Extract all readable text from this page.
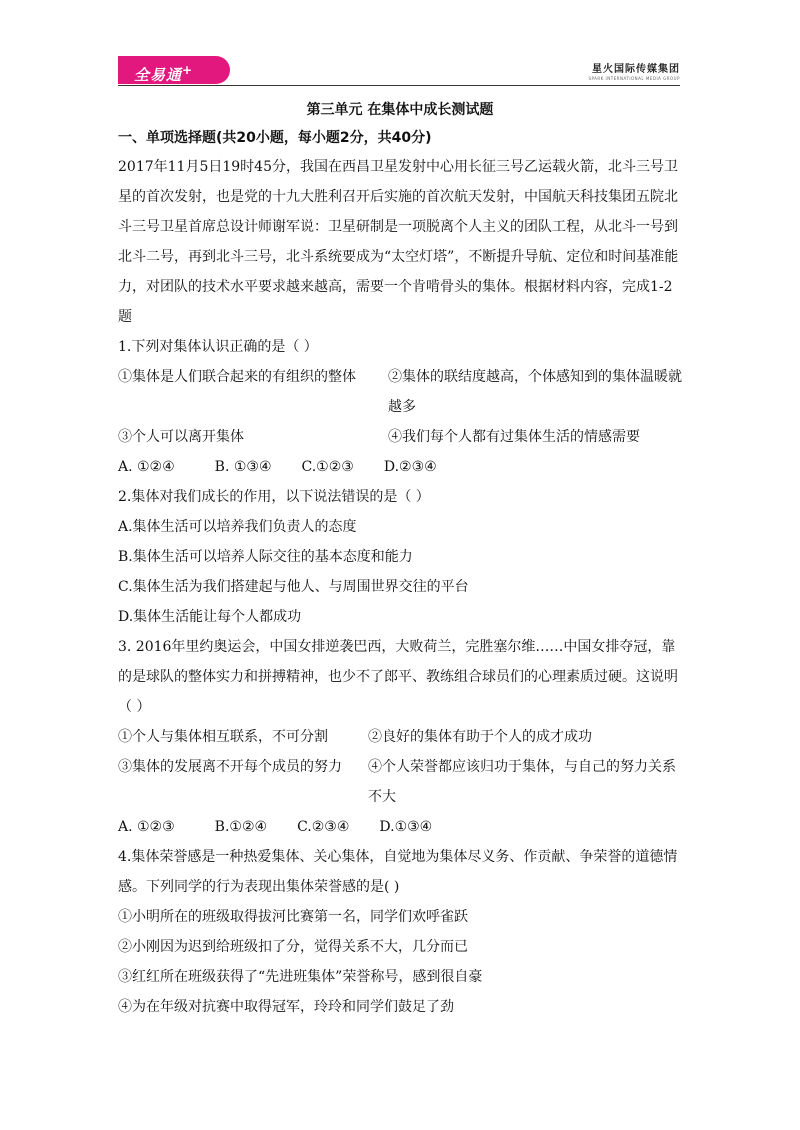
全易通+	星火国际传媒集团
SPARK INTERNATIONAL MEDIA GROUP
第三单元 在集体中成长测试题
一、单项选择题(共20小题，每小题2分，共40分)

2017年11月5日19时45分，我国在西昌卫星发射中心用长征三号乙运载火箭，北斗三号卫星的首次发射，也是党的十九大胜利召开后实施的首次航天发射，中国航天科技集团五院北斗三号卫星首席总设计师谢军说：卫星研制是一项脱离个人主义的团队工程，从北斗一号到北斗二号，再到北斗三号，北斗系统要成为“太空灯塔”，不断提升导航、定位和时间基准能力，对团队的技术水平要求越来越高，需要一个肯啃骨头的集体。根据材料内容，完成1-2题

1.下列对集体认识正确的是（ ）

①集体是人们联合起来的有组织的整体	②集体的联结度越高，个体感知到的集体温暖就越多
③个人可以离开集体	④我们每个人都有过集体生活的情感需要
A. ①②④	B. ①③④ C.①②③ D.②③④

2.集体对我们成长的作用，以下说法错误的是（ ）

A.集体生活可以培养我们负责人的态度

B.集体生活可以培养人际交往的基本态度和能力

C.集体生活为我们搭建起与他人、与周围世界交往的平台

D.集体生活能让每个人都成功

3. 2016年里约奥运会，中国女排逆袭巴西，大败荷兰，完胜塞尔维……中国女排夺冠，靠的是球队的整体实力和拼搏精神，也少不了郎平、教练组合球员们的心理素质过硬。这说明（ ）

①个人与集体相互联系，不可分割	②良好的集体有助于个人的成才成功
③集体的发展离不开每个成员的努力	④个人荣誉都应该归功于集体，与自己的努力关系不大
A. ①②③	B.①②④ C.②③④ D.①③④

4.集体荣誉感是一种热爱集体、关心集体，自觉地为集体尽义务、作贡献、争荣誉的道德情感。下列同学的行为表现出集体荣誉感的是( )

①小明所在的班级取得拔河比赛第一名，同学们欢呼雀跃

②小刚因为迟到给班级扣了分，觉得关系不大，几分而已

③红红所在班级获得了“先进班集体”荣誉称号，感到很自豪

④为在年级对抗赛中取得冠军，玲玲和同学们鼓足了劲
